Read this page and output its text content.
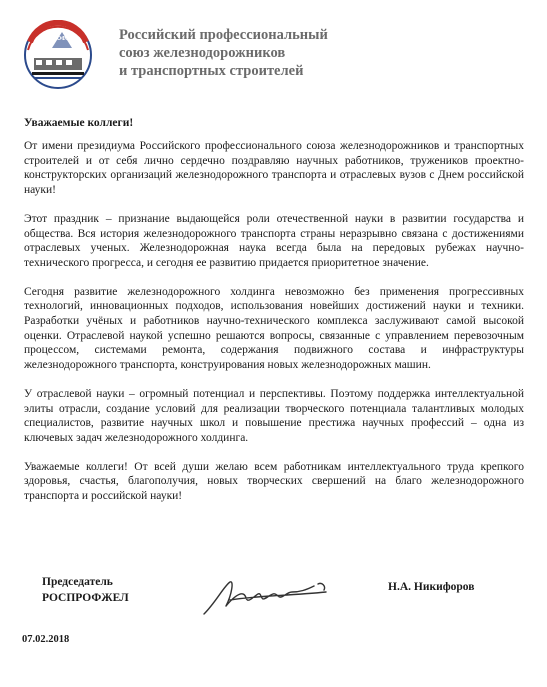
РОСПРОФЖЕЛ	Российский профессиональный
союз железнодорожников
и транспортных строителей
Уважаемые коллеги!

От имени президиума Российского профессионального союза железнодорожников и транспортных строителей и от себя лично сердечно поздравляю научных работников, тружеников проектно-конструкторских организаций железнодорожного транспорта и отраслевых вузов с Днем российской науки!

Этот праздник – признание выдающейся роли отечественной науки в развитии государства и общества. Вся история железнодорожного транспорта страны неразрывно связана с достижениями отраслевых ученых. Железнодорожная наука всегда была на передовых рубежах научно-технического прогресса, и сегодня ее развитию придается приоритетное значение.

Сегодня развитие железнодорожного холдинга невозможно без применения прогрессивных технологий, инновационных подходов, использования новейших достижений науки и техники. Разработки учёных и работников научно-технического комплекса заслуживают самой высокой оценки. Отраслевой наукой успешно решаются вопросы, связанные с управлением перевозочным процессом, системами ремонта, содержания подвижного состава и инфраструктуры железнодорожного транспорта, конструирования новых железнодорожных машин.

У отраслевой науки – огромный потенциал и перспективы. Поэтому поддержка интеллектуальной элиты отрасли, создание условий для реализации творческого потенциала талантливых молодых специалистов, развитие научных школ и повышение престижа научных профессий – одна из ключевых задач железнодорожного холдинга.

Уважаемые коллеги! От всей души желаю всем работникам интеллектуального труда крепкого здоровья, счастья, благополучия, новых творческих свершений на благо железнодорожного транспорта и российской науки!

Председатель
РОСПРОФЖЕЛ
Н.А. Никифоров
07.02.2018
